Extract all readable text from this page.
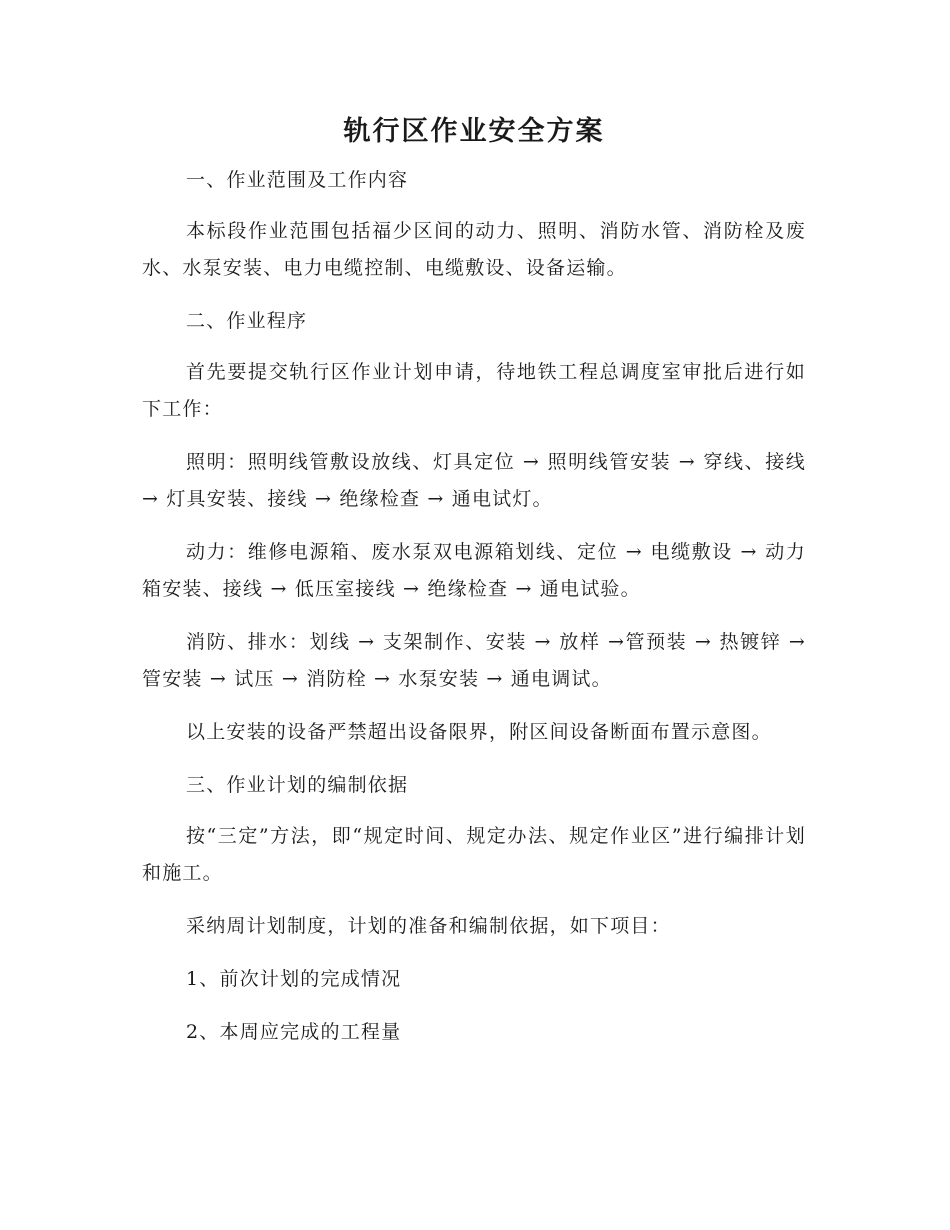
轨行区作业安全方案

一、作业范围及工作内容

本标段作业范围包括福少区间的动力、照明、消防水管、消防栓及废水、水泵安装、电力电缆控制、电缆敷设、设备运输。

二、作业程序

首先要提交轨行区作业计划申请，待地铁工程总调度室审批后进行如下工作：

照明：照明线管敷设放线、灯具定位 → 照明线管安装 → 穿线、接线 → 灯具安装、接线 → 绝缘检查 → 通电试灯。

动力：维修电源箱、废水泵双电源箱划线、定位 → 电缆敷设 → 动力箱安装、接线 → 低压室接线 → 绝缘检查 → 通电试验。

消防、排水：划线 → 支架制作、安装 → 放样 →管预装 → 热镀锌 → 管安装 → 试压 → 消防栓 → 水泵安装 → 通电调试。

以上安装的设备严禁超出设备限界，附区间设备断面布置示意图。

三、作业计划的编制依据

按“三定”方法，即“规定时间、规定办法、规定作业区”进行编排计划和施工。

采纳周计划制度，计划的准备和编制依据，如下项目：

1、前次计划的完成情况

2、本周应完成的工程量
